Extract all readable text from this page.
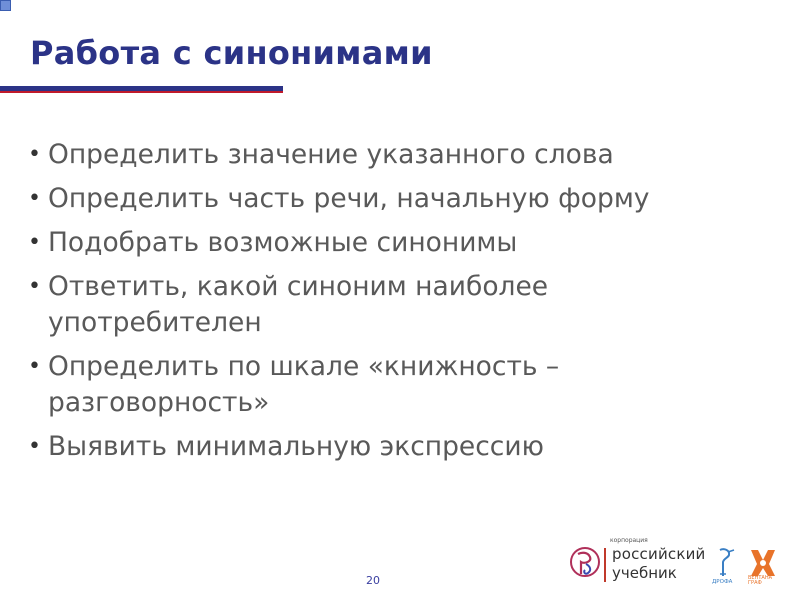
Работа с синонимами
• Определить значение указанного слова
• Определить часть речи, начальную форму
• Подобрать возможные синонимы
• Ответить, какой синоним наиболее употребителен
• Определить по шкале «книжность – разговорность»
• Выявить минимальную экспрессию
20
корпорация
российский
учебник	ДРОФА
ВЕНТАНА ГРАФ
